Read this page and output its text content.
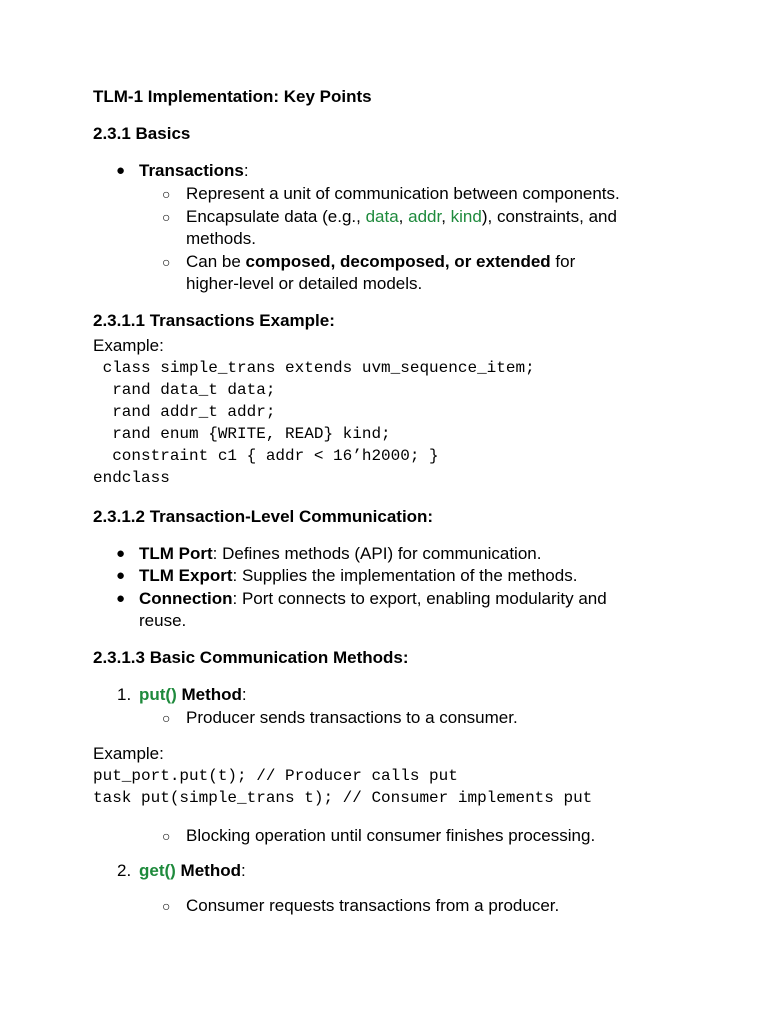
TLM-1 Implementation: Key Points
2.3.1 Basics
● Transactions:
○ Represent a unit of communication between components.
○ Encapsulate data (e.g., data, addr, kind), constraints, and
methods.
○ Can be composed, decomposed, or extended for
higher-level or detailed models.
2.3.1.1 Transactions Example:
Example:
class simple_trans extends uvm_sequence_item;
rand data_t data;
rand addr_t addr;
rand enum {WRITE, READ} kind;
constraint c1 { addr < 16’h2000; }
endclass
2.3.1.2 Transaction-Level Communication:
● TLM Port: Defines methods (API) for communication.
● TLM Export: Supplies the implementation of the methods.
● Connection: Port connects to export, enabling modularity and
reuse.
2.3.1.3 Basic Communication Methods:
1. put() Method:
○ Producer sends transactions to a consumer.
Example:
put_port.put(t); // Producer calls put
task put(simple_trans t); // Consumer implements put
○ Blocking operation until consumer finishes processing.
2. get() Method:
○ Consumer requests transactions from a producer.
